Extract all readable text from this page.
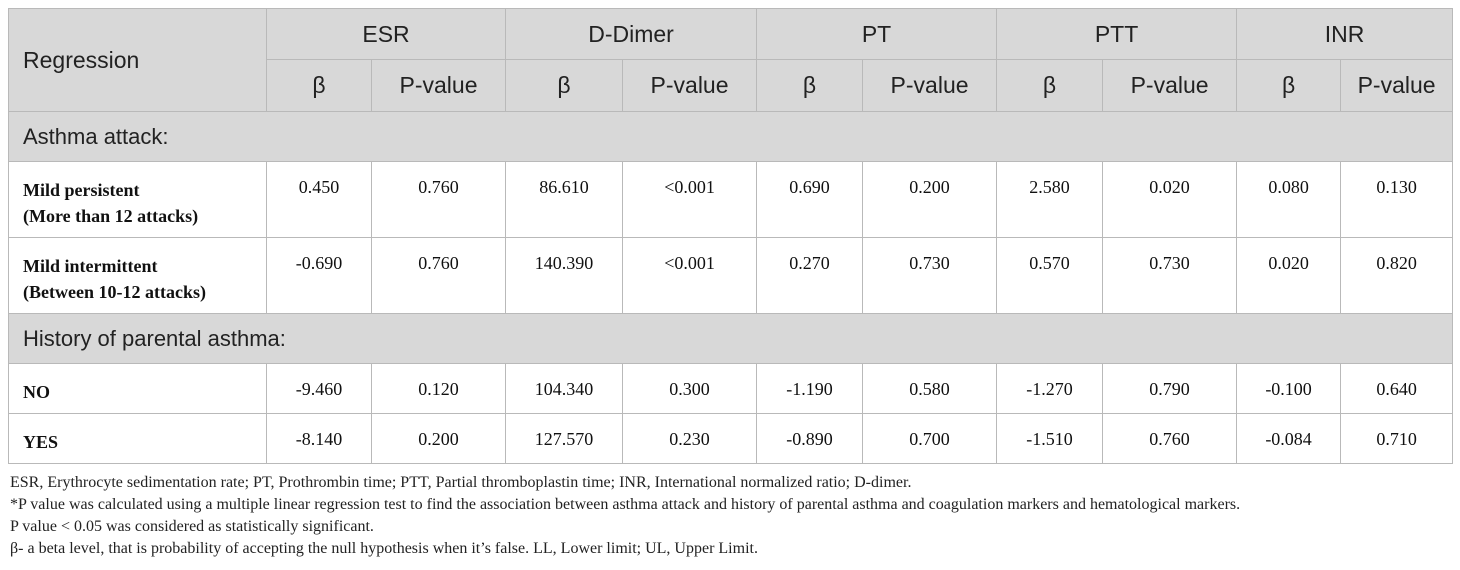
Regression	ESR		D-Dimer		PT		PTT		INR	
	β	P-value	β	P-value	β	P-value	β	P-value	β	P-value
Asthma attack:										
Mild persistent
(More than 12 attacks)	0.450	0.760	86.610	<0.001	0.690	0.200	2.580	0.020	0.080	0.130
Mild intermittent
(Between 10-12 attacks)	-0.690	0.760	140.390	<0.001	0.270	0.730	0.570	0.730	0.020	0.820
History of parental asthma:										
NO	-9.460	0.120	104.340	0.300	-1.190	0.580	-1.270	0.790	-0.100	0.640
YES	-8.140	0.200	127.570	0.230	-0.890	0.700	-1.510	0.760	-0.084	0.710
ESR, Erythrocyte sedimentation rate; PT, Prothrombin time; PTT, Partial thromboplastin time; INR, International normalized ratio; D-dimer.
*P value was calculated using a multiple linear regression test to find the association between asthma attack and history of parental asthma and coagulation markers and hematological markers.
P value < 0.05 was considered as statistically significant.
β- a beta level, that is probability of accepting the null hypothesis when it’s false. LL, Lower limit; UL, Upper Limit.
